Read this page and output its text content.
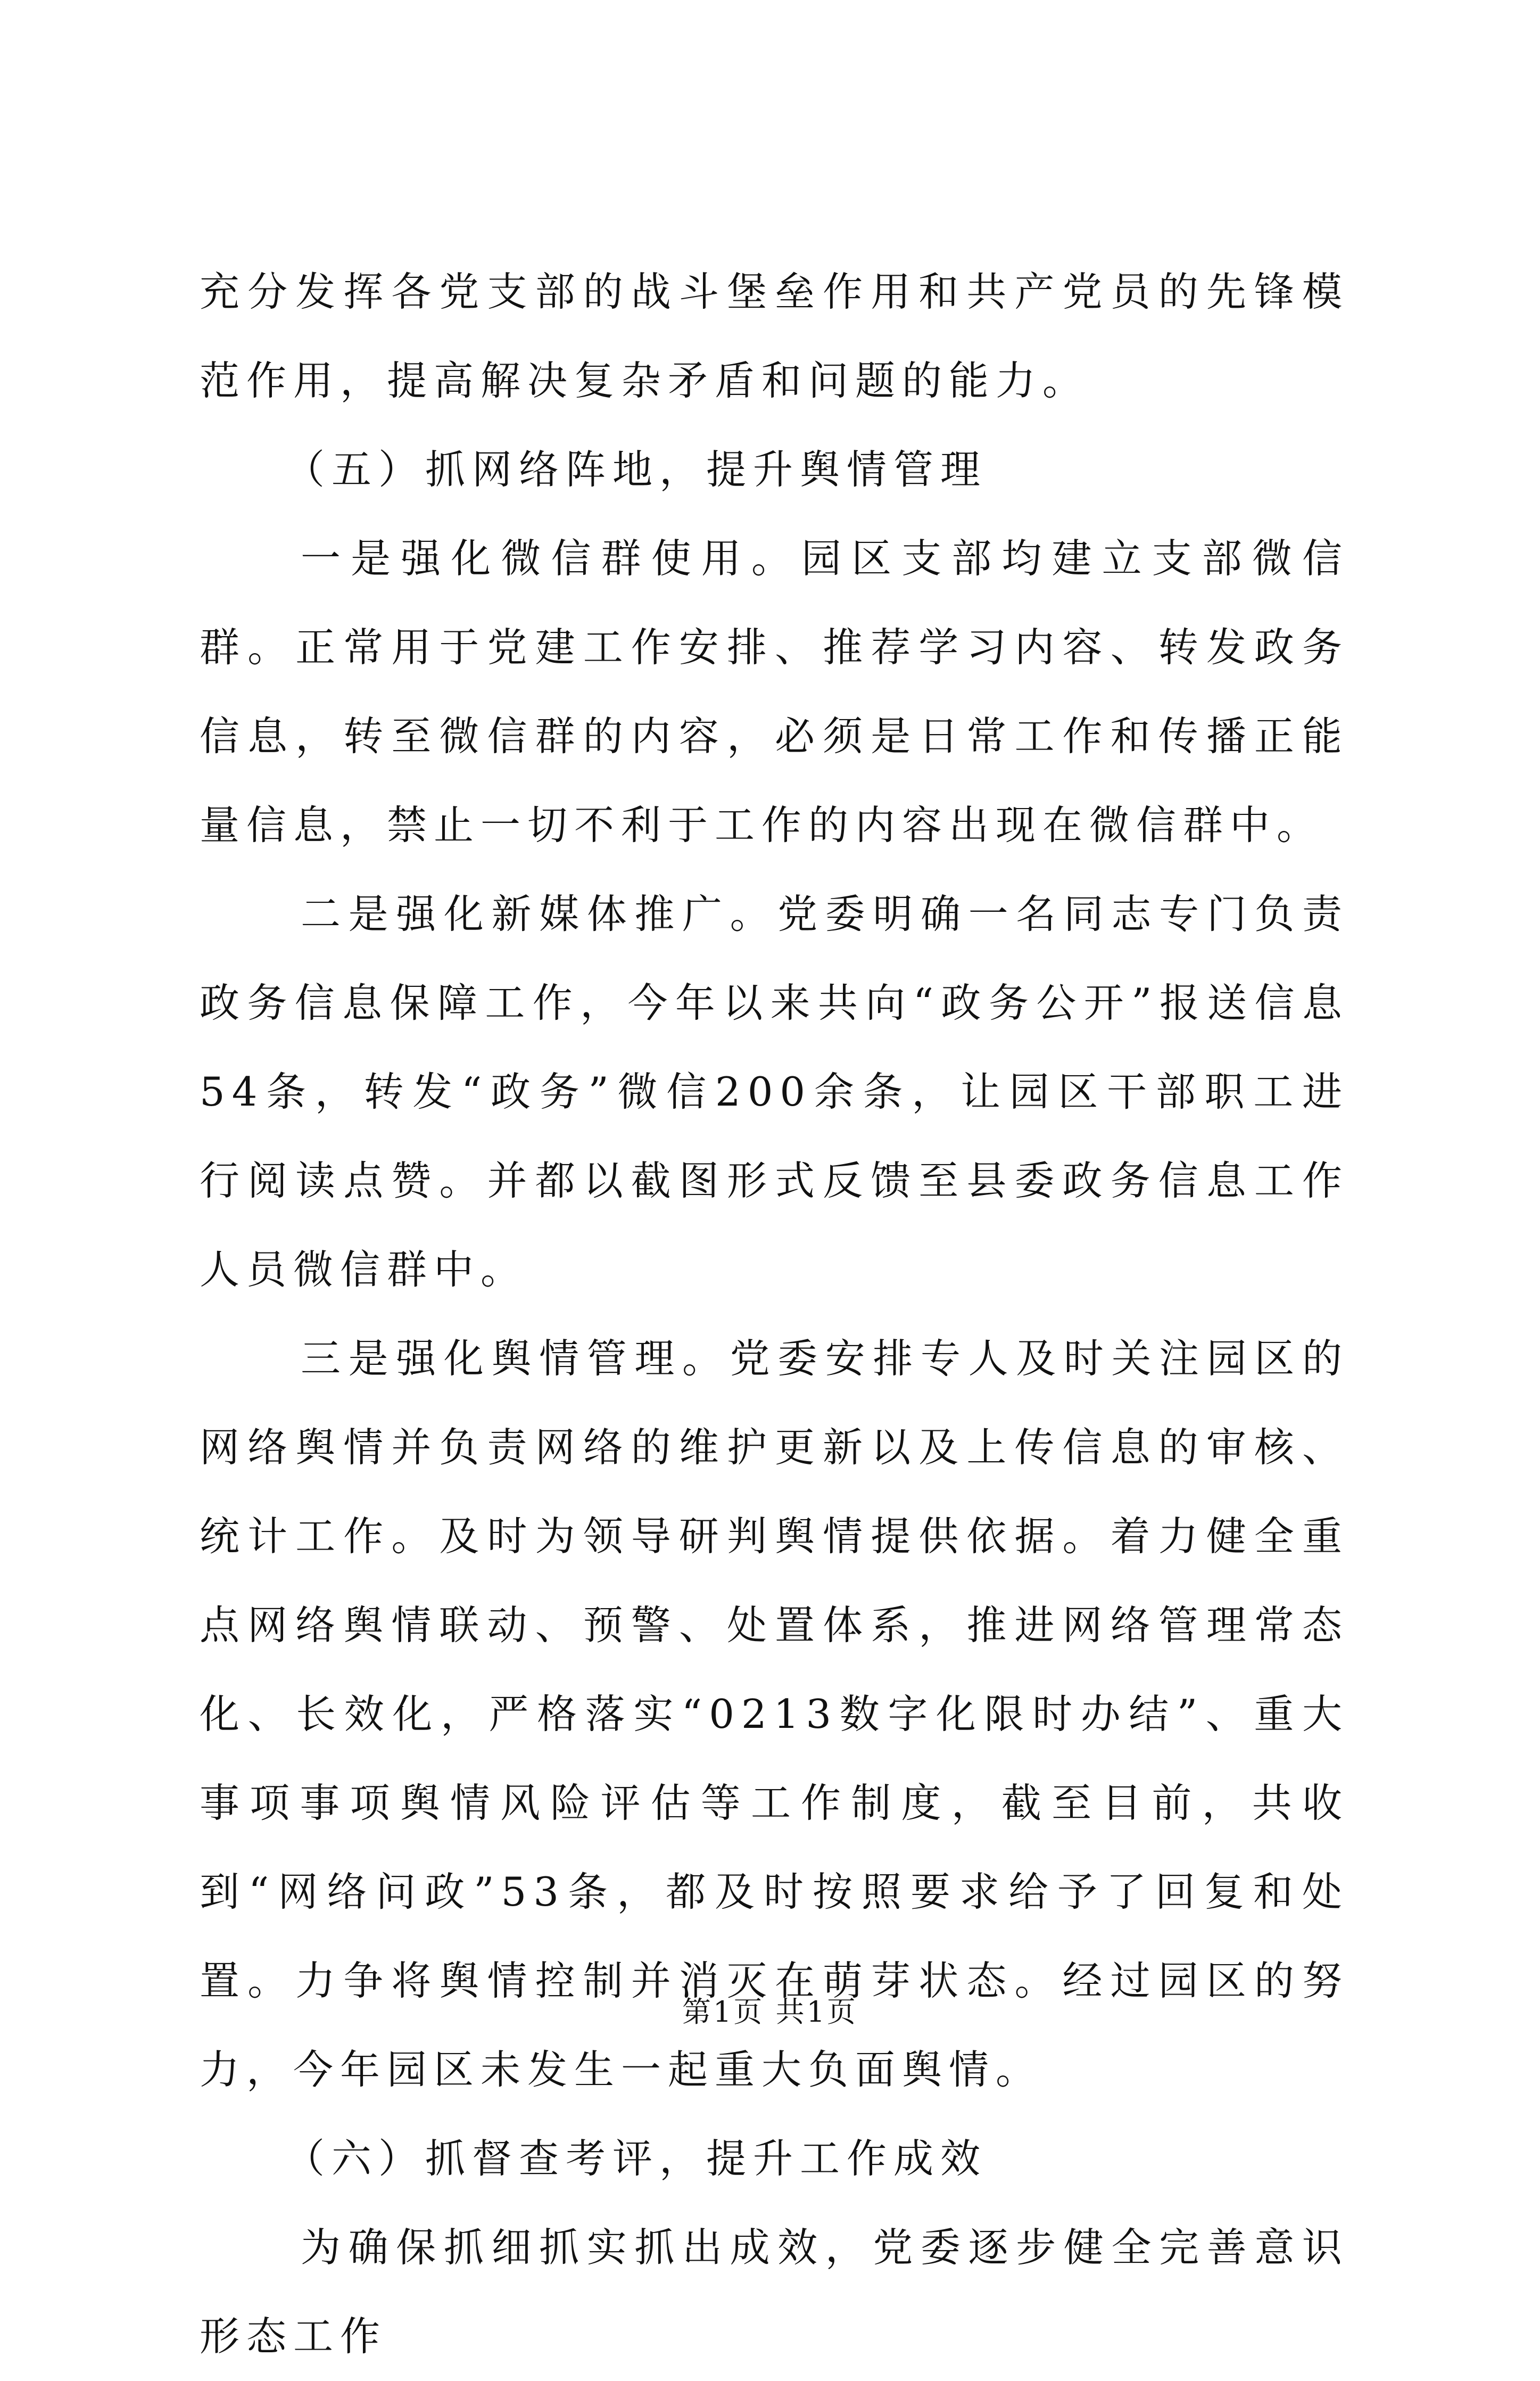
充分发挥各党支部的战斗堡垒作用和共产党员的先锋模范作用，提高解决复杂矛盾和问题的能力。

（五）抓网络阵地，提升舆情管理

一是强化微信群使用。园区支部均建立支部微信群。正常用于党建工作安排、推荐学习内容、转发政务信息，转至微信群的内容，必须是日常工作和传播正能量信息，禁止一切不利于工作的内容出现在微信群中。

二是强化新媒体推广。党委明确一名同志专门负责政务信息保障工作，今年以来共向“政务公开”报送信息54条，转发“政务”微信200余条，让园区干部职工进行阅读点赞。并都以截图形式反馈至县委政务信息工作人员微信群中。

三是强化舆情管理。党委安排专人及时关注园区的网络舆情并负责网络的维护更新以及上传信息的审核、统计工作。及时为领导研判舆情提供依据。着力健全重点网络舆情联动、预警、处置体系，推进网络管理常态化、长效化，严格落实“0213数字化限时办结”、重大事项事项舆情风险评估等工作制度，截至目前，共收到“网络问政”53条，都及时按照要求给予了回复和处置。力争将舆情控制并消灭在萌芽状态。经过园区的努力，今年园区未发生一起重大负面舆情。

（六）抓督查考评，提升工作成效

为确保抓细抓实抓出成效，党委逐步健全完善意识形态工作

第1页 共1页
